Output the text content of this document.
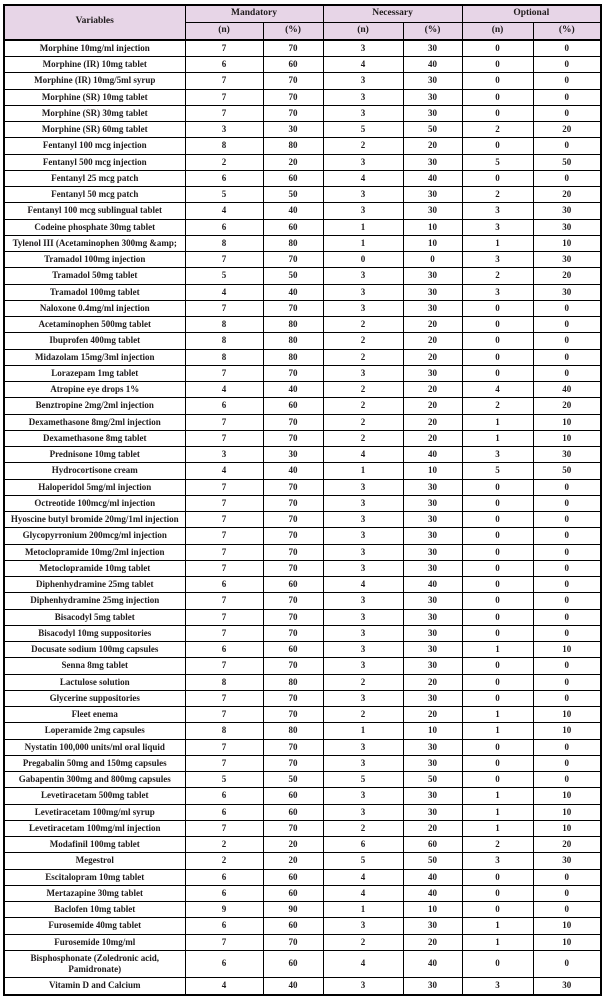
Variables	Mandatory		Necessary		Optional	
	(n)	(%)	(n)	(%)	(n)	(%)
Morphine 10mg/ml injection	7	70	3	30	0	0
Morphine (IR) 10mg tablet	6	60	4	40	0	0
Morphine (IR) 10mg/5ml syrup	7	70	3	30	0	0
Morphine (SR) 10mg tablet	7	70	3	30	0	0
Morphine (SR) 30mg tablet	7	70	3	30	0	0
Morphine (SR) 60mg tablet	3	30	5	50	2	20
Fentanyl 100 mcg injection	8	80	2	20	0	0
Fentanyl 500 mcg injection	2	20	3	30	5	50
Fentanyl 25 mcg patch	6	60	4	40	0	0
Fentanyl 50 mcg patch	5	50	3	30	2	20
Fentanyl 100 mcg sublingual tablet	4	40	3	30	3	30
Codeine phosphate 30mg tablet	6	60	1	10	3	30
Tylenol III (Acetaminophen 300mg &amp;	8	80	1	10	1	10
Tramadol 100mg injection	7	70	0	0	3	30
Tramadol 50mg tablet	5	50	3	30	2	20
Tramadol 100mg tablet	4	40	3	30	3	30
Naloxone 0.4mg/ml injection	7	70	3	30	0	0
Acetaminophen 500mg tablet	8	80	2	20	0	0
Ibuprofen 400mg tablet	8	80	2	20	0	0
Midazolam 15mg/3ml injection	8	80	2	20	0	0
Lorazepam 1mg tablet	7	70	3	30	0	0
Atropine eye drops 1%	4	40	2	20	4	40
Benztropine 2mg/2ml injection	6	60	2	20	2	20
Dexamethasone 8mg/2ml injection	7	70	2	20	1	10
Dexamethasone 8mg tablet	7	70	2	20	1	10
Prednisone 10mg tablet	3	30	4	40	3	30
Hydrocortisone cream	4	40	1	10	5	50
Haloperidol 5mg/ml injection	7	70	3	30	0	0
Octreotide 100mcg/ml injection	7	70	3	30	0	0
Hyoscine butyl bromide 20mg/1ml injection	7	70	3	30	0	0
Glycopyrronium 200mcg/ml injection	7	70	3	30	0	0
Metoclopramide 10mg/2ml injection	7	70	3	30	0	0
Metoclopramide 10mg tablet	7	70	3	30	0	0
Diphenhydramine 25mg tablet	6	60	4	40	0	0
Diphenhydramine 25mg injection	7	70	3	30	0	0
Bisacodyl 5mg tablet	7	70	3	30	0	0
Bisacodyl 10mg suppositories	7	70	3	30	0	0
Docusate sodium 100mg capsules	6	60	3	30	1	10
Senna 8mg tablet	7	70	3	30	0	0
Lactulose solution	8	80	2	20	0	0
Glycerine suppositories	7	70	3	30	0	0
Fleet enema	7	70	2	20	1	10
Loperamide 2mg capsules	8	80	1	10	1	10
Nystatin 100,000 units/ml oral liquid	7	70	3	30	0	0
Pregabalin 50mg and 150mg capsules	7	70	3	30	0	0
Gabapentin 300mg and 800mg capsules	5	50	5	50	0	0
Levetiracetam 500mg tablet	6	60	3	30	1	10
Levetiracetam 100mg/ml syrup	6	60	3	30	1	10
Levetiracetam 100mg/ml injection	7	70	2	20	1	10
Modafinil 100mg tablet	2	20	6	60	2	20
Megestrol	2	20	5	50	3	30
Escitalopram 10mg tablet	6	60	4	40	0	0
Mertazapine 30mg tablet	6	60	4	40	0	0
Baclofen 10mg tablet	9	90	1	10	0	0
Furosemide 40mg tablet	6	60	3	30	1	10
Furosemide 10mg/ml	7	70	2	20	1	10
Bisphosphonate (Zoledronic acid, Pamidronate)	6	60	4	40	0	0
Vitamin D and Calcium	4	40	3	30	3	30
